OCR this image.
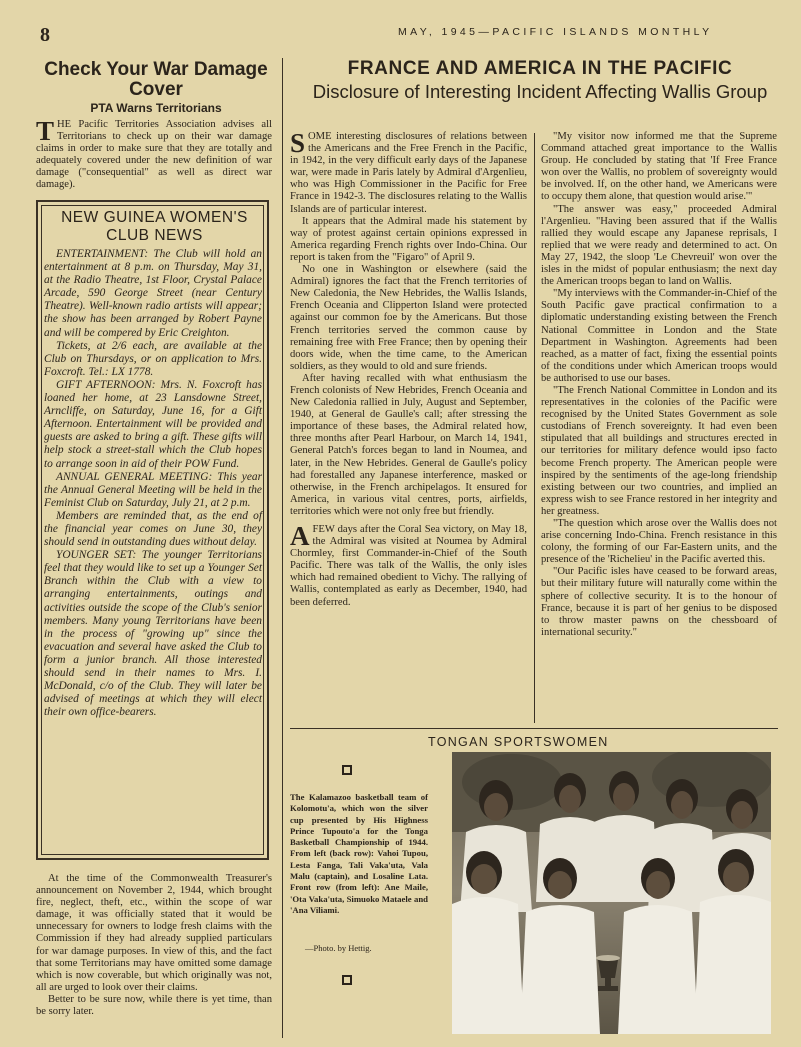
8	MAY, 1945—PACIFIC ISLANDS MONTHLY
Check Your War Damage Cover
PTA Warns Territorians

THE Pacific Territories Association advises all Territorians to check up on their war damage claims in order to make sure that they are totally and adequately covered under the new definition of war damage ("consequential" as well as direct war damage).

NEW GUINEA WOMEN'S CLUB NEWS

ENTERTAINMENT: The Club will hold an entertainment at 8 p.m. on Thursday, May 31, at the Radio Theatre, 1st Floor, Crystal Palace Arcade, 590 George Street (near Century Theatre). Well-known radio artists will appear; the show has been arranged by Robert Payne and will be compered by Eric Creighton.

Tickets, at 2/6 each, are available at the Club on Thursdays, or on application to Mrs. Foxcroft. Tel.: LX 1778.

GIFT AFTERNOON: Mrs. N. Foxcroft has loaned her home, at 23 Lansdowne Street, Arncliffe, on Saturday, June 16, for a Gift Afternoon. Entertainment will be provided and guests are asked to bring a gift. These gifts will help stock a street-stall which the Club hopes to arrange soon in aid of their POW Fund.

ANNUAL GENERAL MEETING: This year the Annual General Meeting will be held in the Feminist Club on Saturday, July 21, at 2 p.m.

Members are reminded that, as the end of the financial year comes on June 30, they should send in outstanding dues without delay.

YOUNGER SET: The younger Territorians feel that they would like to set up a Younger Set Branch within the Club with a view to arranging entertainments, outings and activities outside the scope of the Club's senior members. Many young Territorians have been in the process of "growing up" since the evacuation and several have asked the Club to form a junior branch. All those interested should send in their names to Mrs. I. McDonald, c/o of the Club. They will later be advised of meetings at which they will elect their own office-bearers.

At the time of the Commonwealth Treasurer's announcement on November 2, 1944, which brought fire, neglect, theft, etc., within the scope of war damage, it was officially stated that it would be unnecessary for owners to lodge fresh claims with the Commission if they had already supplied particulars for war damage purposes. In view of this, and the fact that some Territorians may have omitted some damage which is now coverable, but which originally was not, all are urged to look over their claims.

Better to be sure now, while there is yet time, than be sorry later.

FRANCE AND AMERICA IN THE PACIFIC
Disclosure of Interesting Incident Affecting Wallis Group

SOME interesting disclosures of relations between the Americans and the Free French in the Pacific, in 1942, in the very difficult early days of the Japanese war, were made in Paris lately by Admiral d'Argenlieu, who was High Commissioner in the Pacific for Free France in 1942-3. The disclosures relating to the Wallis Islands are of particular interest.

It appears that the Admiral made his statement by way of protest against certain opinions expressed in America regarding French rights over Indo-China. Our report is taken from the "Figaro" of April 9.

No one in Washington or elsewhere (said the Admiral) ignores the fact that the French territories of New Caledonia, the New Hebrides, the Wallis Islands, French Oceania and Clipperton Island were protected against our common foe by the Americans. But those French territories served the common cause by remaining free with Free France; then by opening their doors wide, when the time came, to the American soldiers, as they would to old and sure friends.

After having recalled with what enthusiasm the French colonists of New Hebrides, French Oceania and New Caledonia rallied in July, August and September, 1940, at General de Gaulle's call; after stressing the importance of these bases, the Admiral related how, three months after Pearl Harbour, on March 14, 1941, General Patch's forces began to land in Noumea, and later, in the New Hebrides. General de Gaulle's policy had forestalled any Japanese interference, masked or otherwise, in the French archipelagos. It ensured for America, in various vital centres, ports, airfields, territories which were not only free but friendly.

AFEW days after the Coral Sea victory, on May 18, the Admiral was visited at Noumea by Admiral Chormley, first Commander-in-Chief of the South Pacific. There was talk of the Wallis, the only isles which had remained obedient to Vichy. The rallying of Wallis, contemplated as early as December, 1940, had been deferred.

"My visitor now informed me that the Supreme Command attached great importance to the Wallis Group. He concluded by stating that 'If Free France won over the Wallis, no problem of sovereignty would be involved. If, on the other hand, we Americans were to occupy them alone, that question would arise.'"

"The answer was easy," proceeded Admiral l'Argenlieu. "Having been assured that if the Wallis rallied they would escape any Japanese reprisals, I replied that we were ready and determined to act. On May 27, 1942, the sloop 'Le Chevreuil' won over the isles in the midst of popular enthusiasm; the next day the American troops began to land on Wallis.

"My interviews with the Commander-in-Chief of the South Pacific gave practical confirmation to a diplomatic understanding existing between the French National Committee in London and the State Department in Washington. Agreements had been reached, as a matter of fact, fixing the essential points of the conditions under which American troops would be authorised to use our bases.

"The French National Committee in London and its representatives in the colonies of the Pacific were recognised by the United States Government as sole custodians of French sovereignty. It had even been stipulated that all buildings and structures erected in our territories for military defence would ipso facto become French property. The American people were inspired by the sentiments of the age-long friendship existing between our two countries, and implied an express wish to see France restored in her integrity and her greatness.

"The question which arose over the Wallis does not arise concerning Indo-China. French resistance in this colony, the forming of our Far-Eastern units, and the presence of the 'Richelieu' in the Pacific averted this.

"Our Pacific isles have ceased to be forward areas, but their military future will naturally come within the sphere of collective security. It is to the honour of France, because it is part of her genius to be disposed to throw master pawns on the chessboard of international security."

TONGAN SPORTSWOMEN
The Kalamazoo basketball team of Kolomotu'a, which won the silver cup presented by His Highness Prince Tupouto'a for the Tonga Basketball Championship of 1944. From left (back row): Vahoi Tupou, Lesta Fanga, Tali Vaka'uta, Vala Malu (captain), and Losaline Lata. Front row (from left): Ane Maile, 'Ota Vaka'uta, Simuoko Mataele and 'Ana Viliami.
—Photo. by Hettig.
